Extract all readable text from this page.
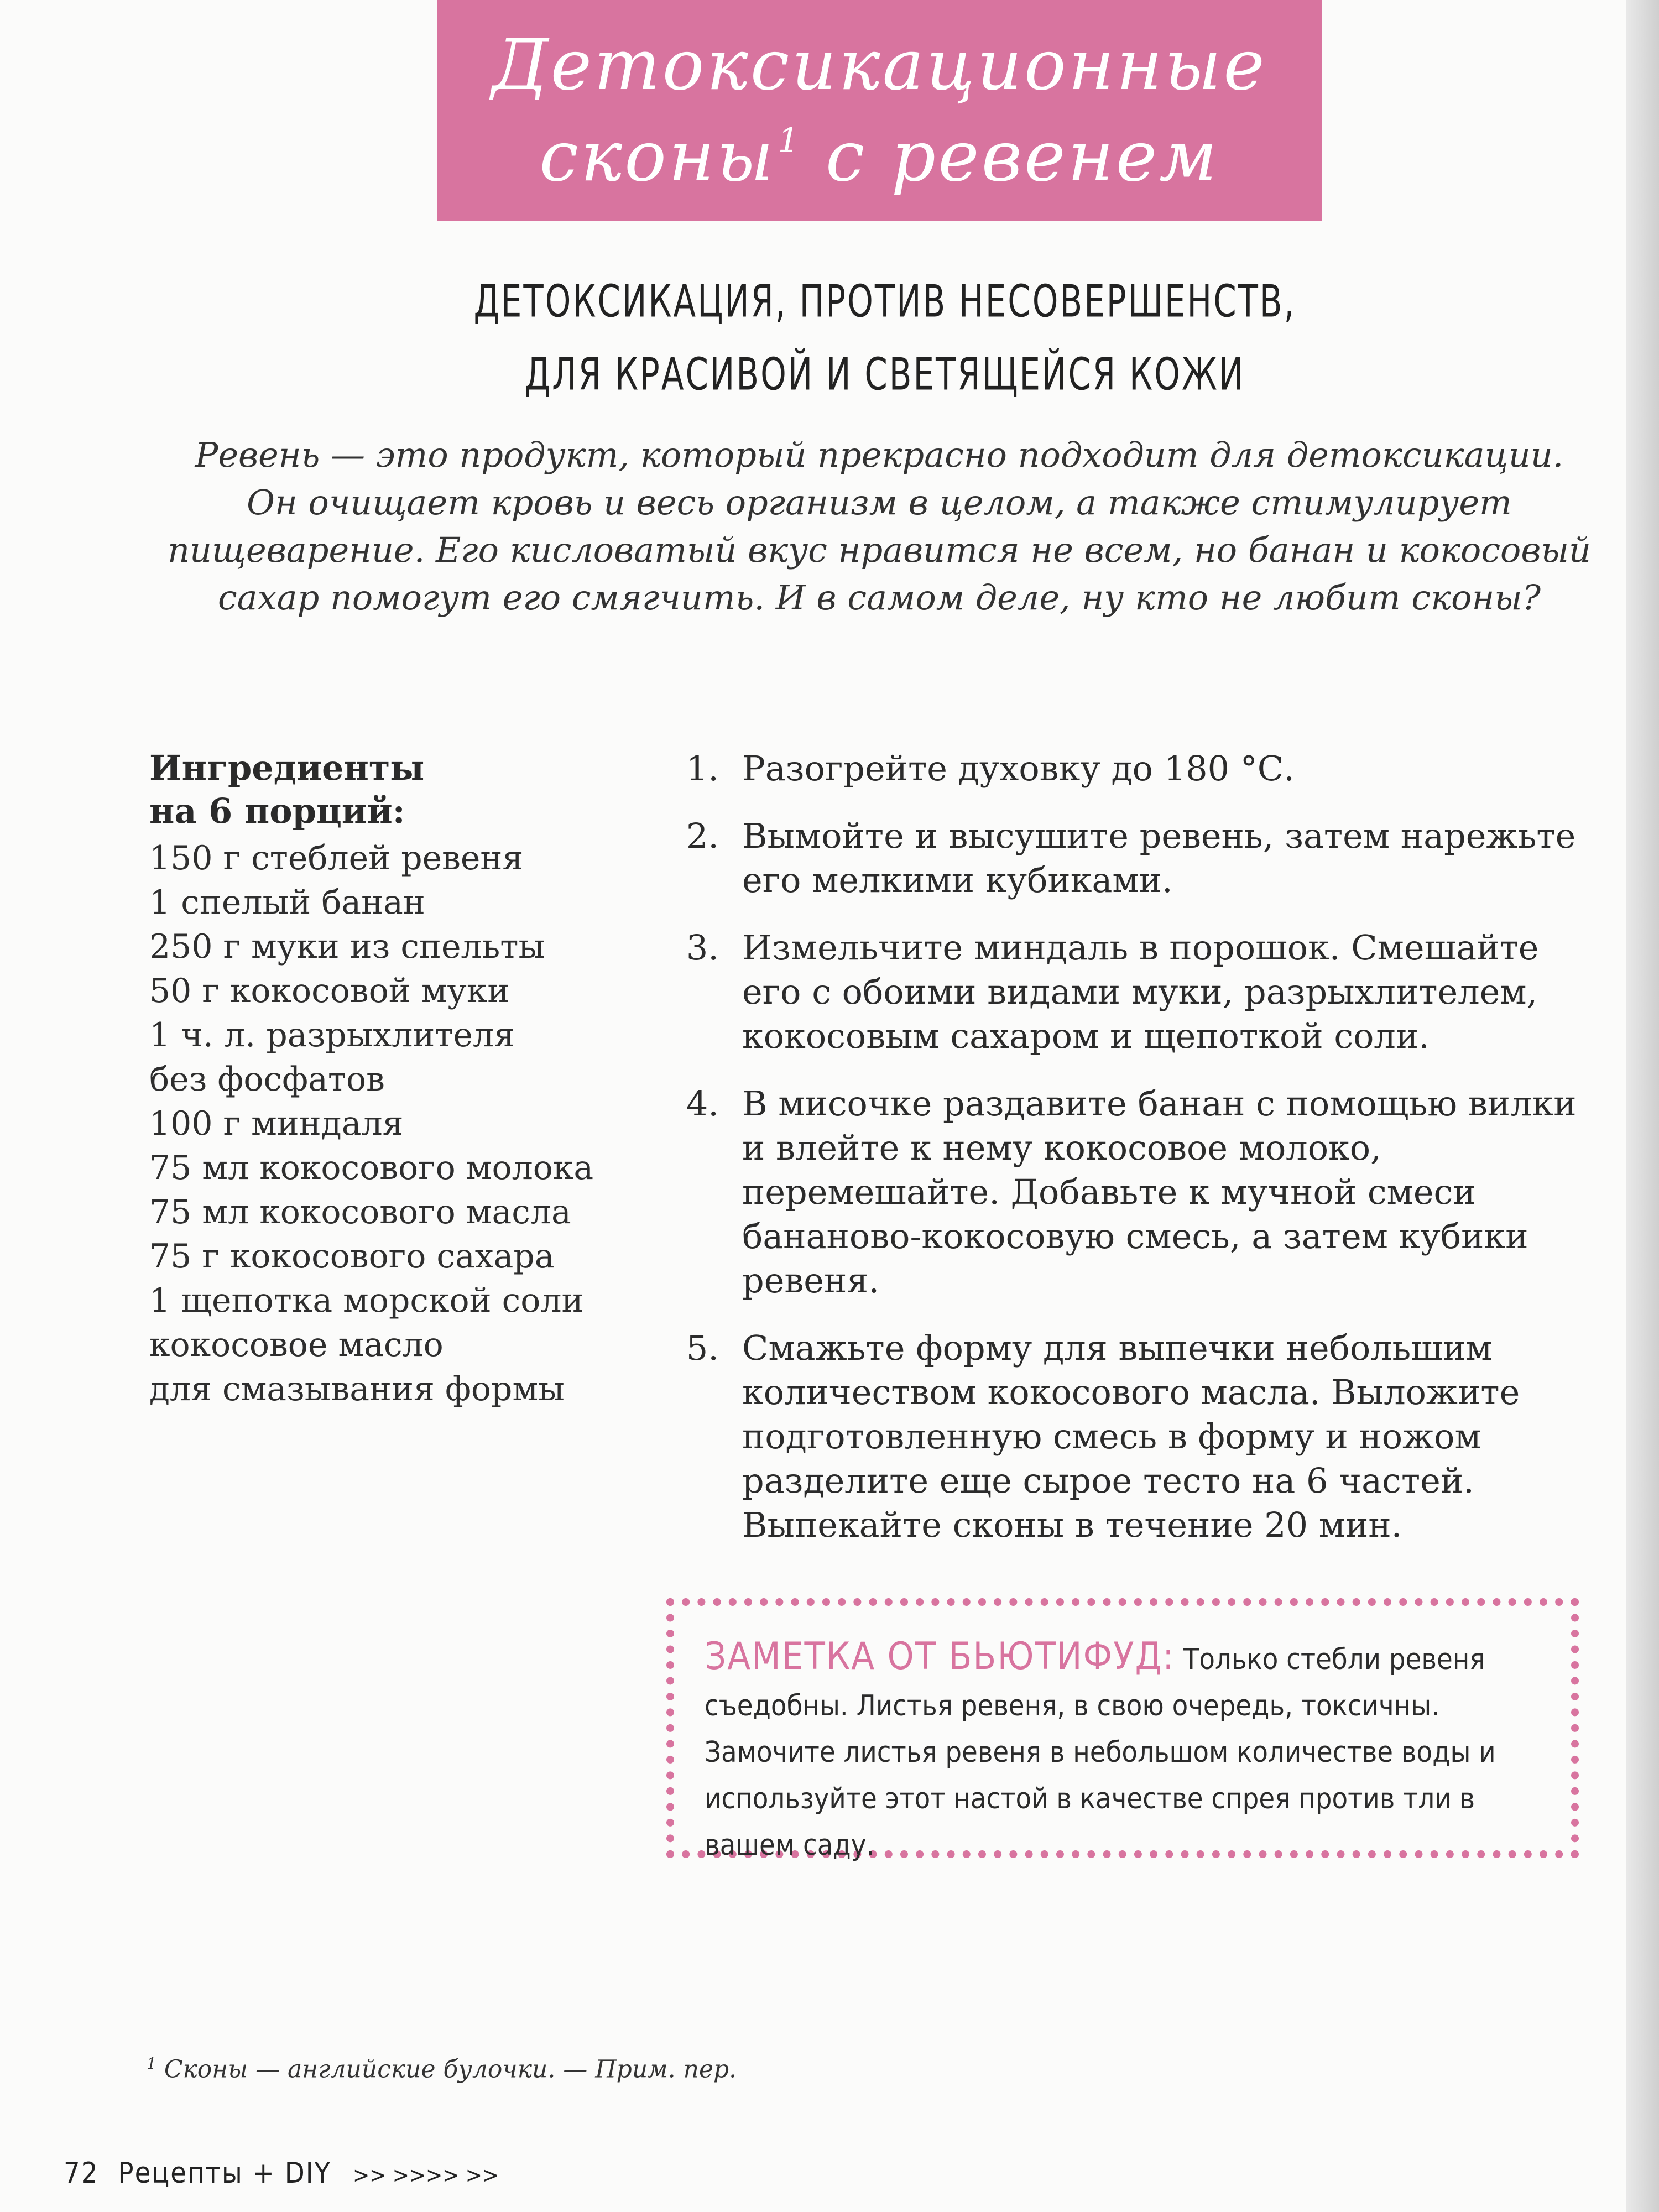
Детоксикационные
сконы$^1$ с ревенем
ДЕТОКСИКАЦИЯ, ПРОТИВ НЕСОВЕРШЕНСТВ,
ДЛЯ КРАСИВОЙ И СВЕТЯЩЕЙСЯ КОЖИ
Ревень — это продукт, который прекрасно подходит для детоксикации.
Он очищает кровь и весь организм в целом, а также стимулирует
пищеварение. Его кисловатый вкус нравится не всем, но банан и кокосовый
сахар помогут его смягчить. И в самом деле, ну кто не любит сконы?
Ингредиенты
на 6 порций:
150 г стеблей ревеня
1 спелый банан
250 г муки из спельты
50 г кокосовой муки
1 ч. л. разрыхлителя
без фосфатов
100 г миндаля
75 мл кокосового молока
75 мл кокосового масла
75 г кокосового сахара
1 щепотка морской соли
кокосовое масло
для смазывания формы
1. Разогрейте духовку до 180 °С.
2. Вымойте и высушите ревень, затем нарежьте его мелкими кубиками.
3. Измельчите миндаль в порошок. Смешайте его с обоими видами муки, разрыхлителем, кокосовым сахаром и щепоткой соли.
4. В мисочке раздавите банан с помощью вилки и влейте к нему кокосовое молоко, перемешайте. Добавьте к мучной смеси бананово-кокосовую смесь, а затем кубики ревеня.
5. Смажьте форму для выпечки небольшим количеством кокосового масла. Выложите подготовленную смесь в форму и ножом разделите еще сырое тесто на 6 частей. Выпекайте сконы в течение 20 мин.
ЗАМЕТКА ОТ БЬЮТИФУД: Только стебли ревеня съедобны. Листья ревеня, в свою очередь, токсичны. Замочите листья ревеня в небольшом количестве воды и используйте этот настой в качестве спрея против тли в вашем саду.
$^1$ Сконы — английские булочки. — Прим. пер.
72 Рецепты + DIY >> >>>> >>
